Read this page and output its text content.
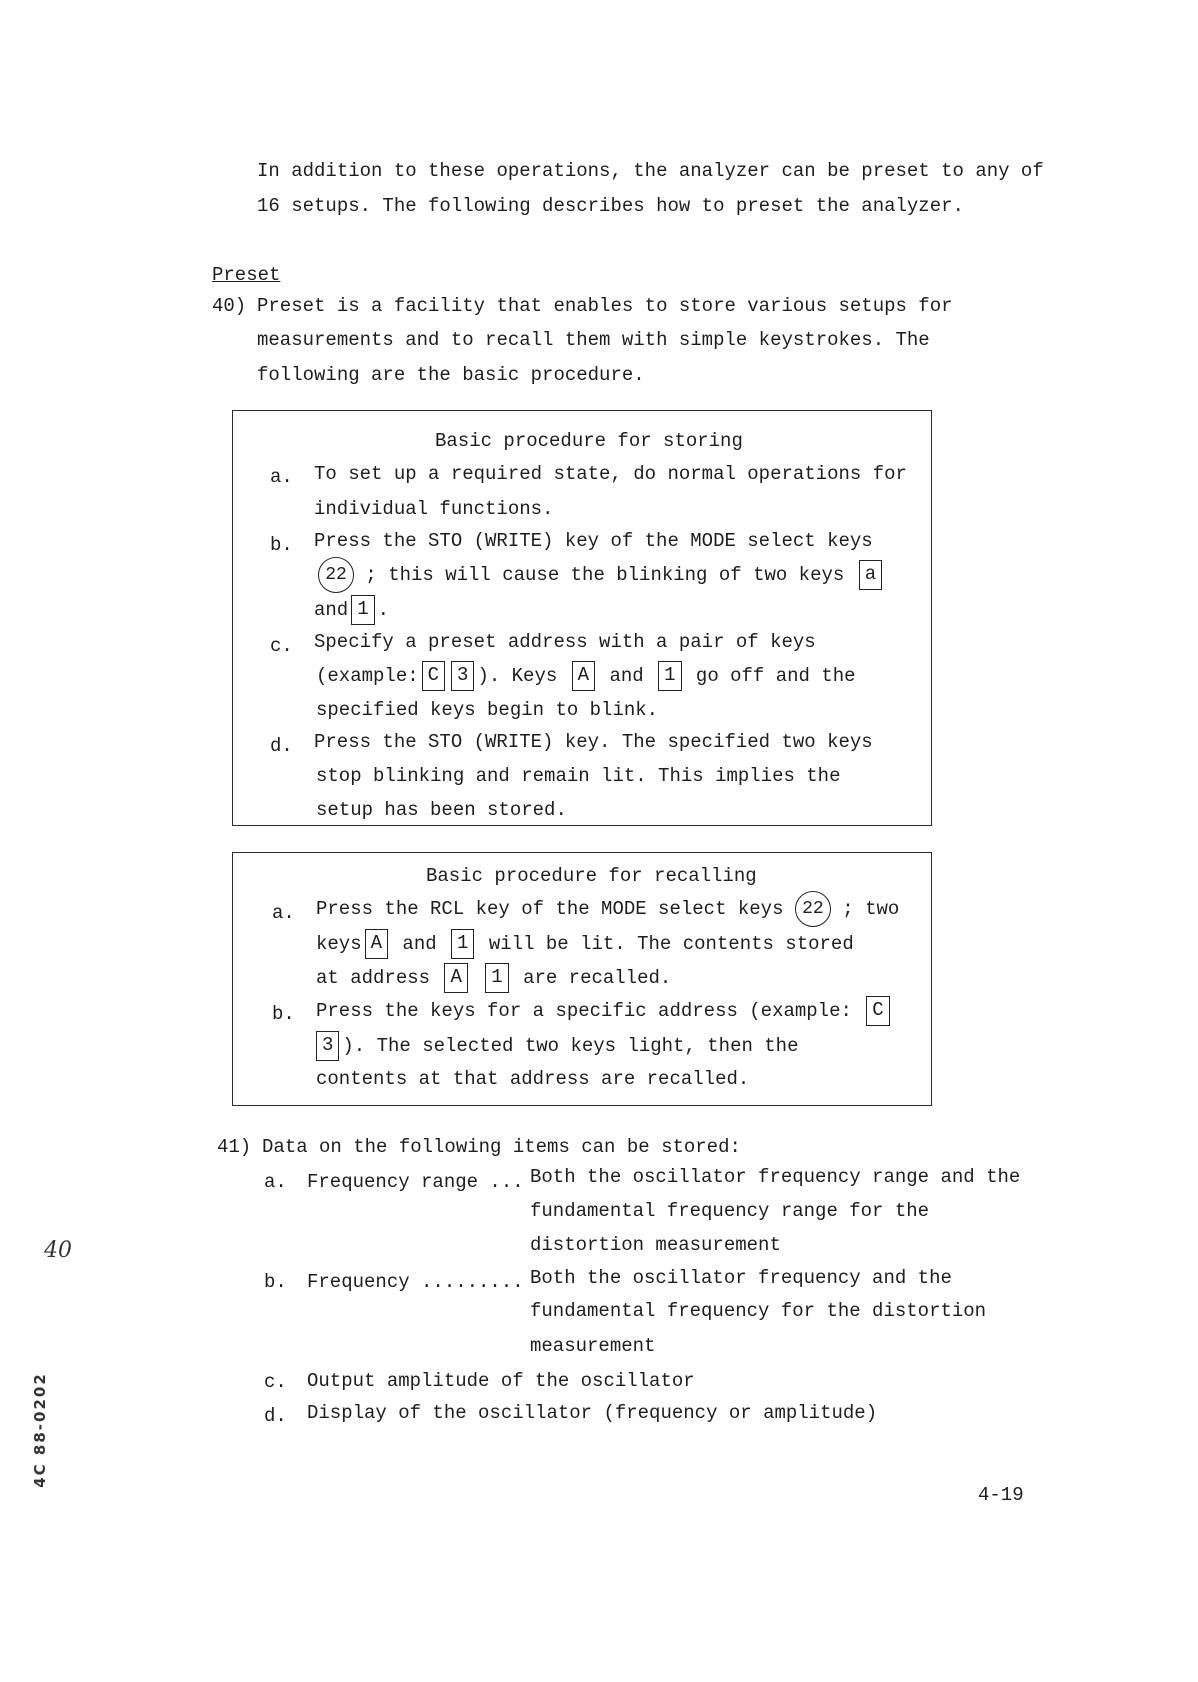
In addition to these operations, the analyzer can be preset to any of
16 setups. The following describes how to preset the analyzer.
Preset
40) Preset is a facility that enables to store various setups for
measurements and to recall them with simple keystrokes. The
following are the basic procedure.
Basic procedure for storing
a. To set up a required state, do normal operations for
individual functions.
b. Press the STO (WRITE) key of the MODE select keys
22 ; this will cause the blinking of two keys a
and 1 .
c. Specify a preset address with a pair of keys
(example: C 3 ). Keys A and 1 go off and the
specified keys begin to blink.
d. Press the STO (WRITE) key. The specified two keys
stop blinking and remain lit. This implies the
setup has been stored.
Basic procedure for recalling
a. Press the RCL key of the MODE select keys 22 ; two
keys A and 1 will be lit. The contents stored
at address A 1 are recalled.
b. Press the keys for a specific address (example: C
3 ). The selected two keys light, then the
contents at that address are recalled.
41) Data on the following items can be stored:
a. Frequency range ... Both the oscillator frequency range and the
fundamental frequency range for the
distortion measurement
b. Frequency ......... Both the oscillator frequency and the
fundamental frequency for the distortion
measurement
c. Output amplitude of the oscillator
d. Display of the oscillator (frequency or amplitude)
4-19
40
4C 88-0202
